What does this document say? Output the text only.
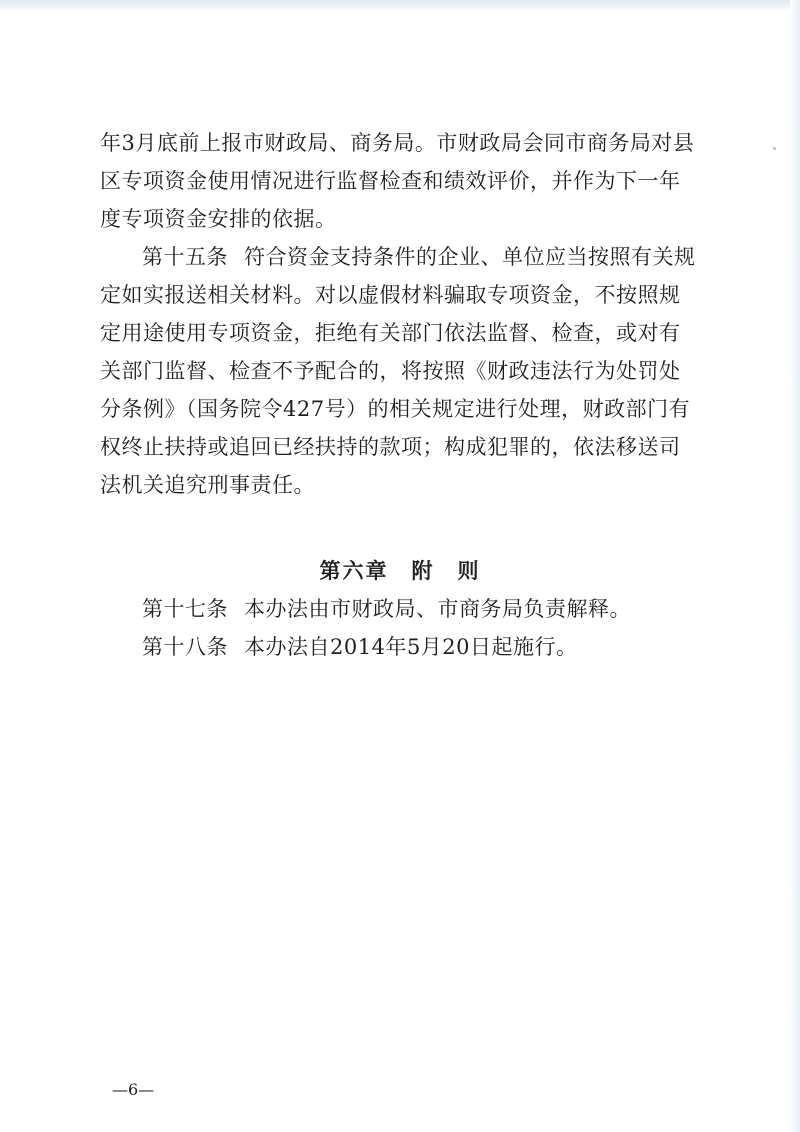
年3月底前上报市财政局、商务局。市财政局会同市商务局对县区专项资金使用情况进行监督检查和绩效评价，并作为下一年度专项资金安排的依据。

第十五条 符合资金支持条件的企业、单位应当按照有关规定如实报送相关材料。对以虚假材料骗取专项资金，不按照规定用途使用专项资金，拒绝有关部门依法监督、检查，或对有关部门监督、检查不予配合的，将按照《财政违法行为处罚处分条例》（国务院令427号）的相关规定进行处理，财政部门有权终止扶持或追回已经扶持的款项；构成犯罪的，依法移送司法机关追究刑事责任。

第六章　附　则

第十七条 本办法由市财政局、市商务局负责解释。

第十八条 本办法自2014年5月20日起施行。

—6—
